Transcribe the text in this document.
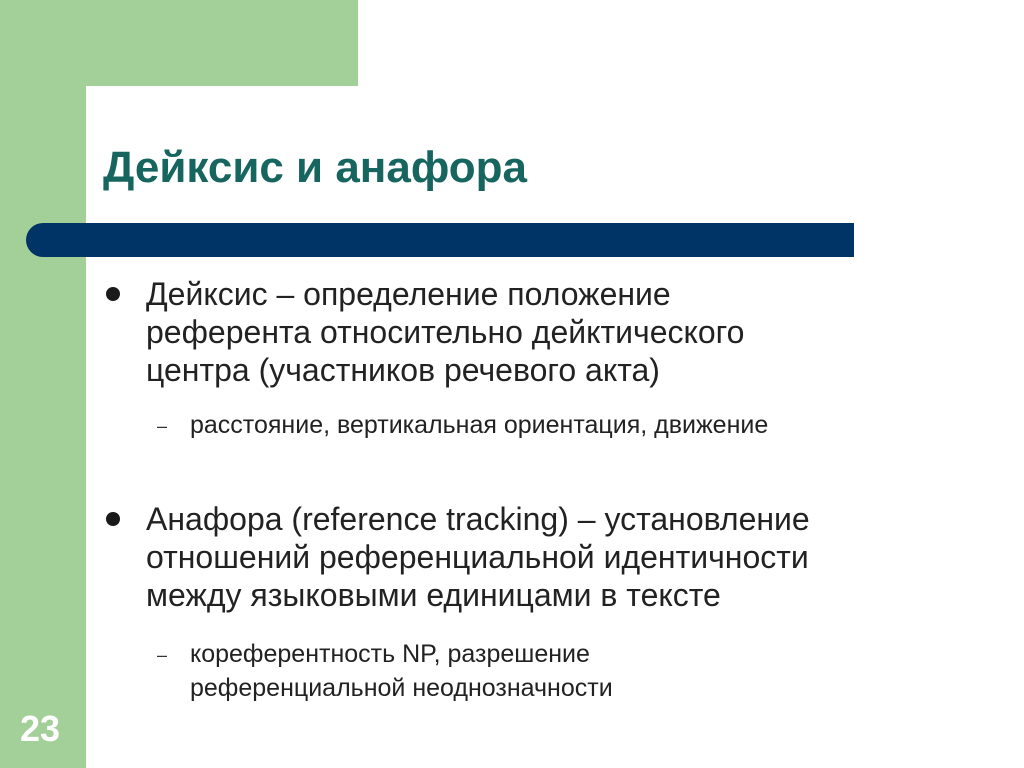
Дейксис и анафора
Дейксис – определение положение
референта относительно дейктического
центра (участников речевого акта)
– расстояние, вертикальная ориентация, движение
Анафора (reference tracking) – установление
отношений референциальной идентичности
между языковыми единицами в тексте
– кореферентность NP, разрешение
референциальной неоднозначности
23
